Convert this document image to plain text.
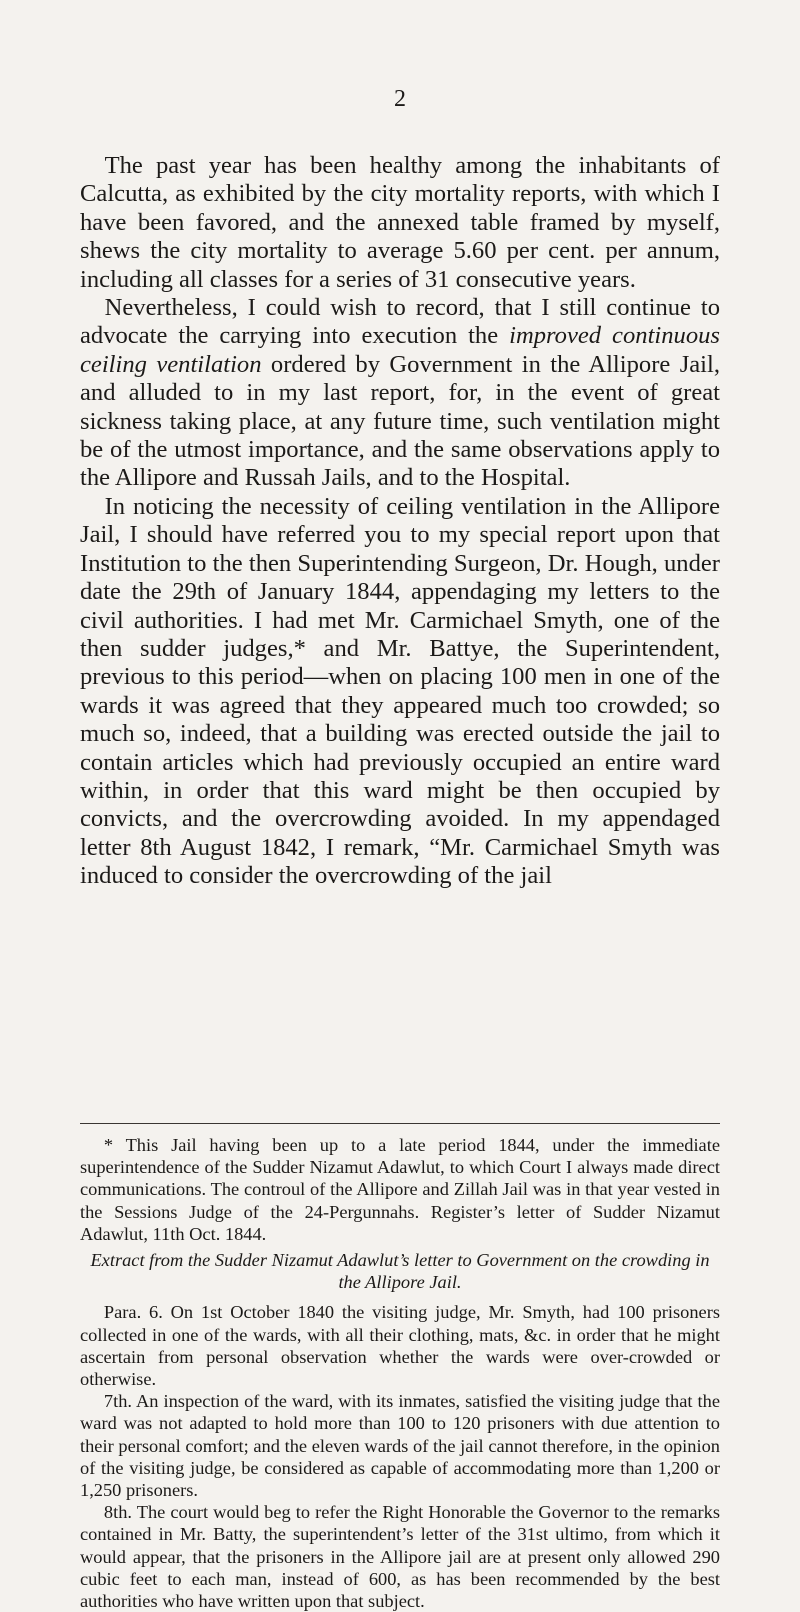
2

The past year has been healthy among the inhabitants of Calcutta, as exhibited by the city mortality reports, with which I have been favored, and the annexed table framed by myself, shews the city mortality to average 5.60 per cent. per annum, including all classes for a series of 31 consecutive years.

Nevertheless, I could wish to record, that I still continue to advocate the carrying into execution the improved continuous ceiling ventilation ordered by Government in the Allipore Jail, and alluded to in my last report, for, in the event of great sickness taking place, at any future time, such ventilation might be of the utmost importance, and the same observations apply to the Allipore and Russah Jails, and to the Hospital.

In noticing the necessity of ceiling ventilation in the Allipore Jail, I should have referred you to my special report upon that Institution to the then Superintending Surgeon, Dr. Hough, under date the 29th of January 1844, appendaging my letters to the civil authorities. I had met Mr. Carmichael Smyth, one of the then sudder judges,* and Mr. Battye, the Superintendent, previous to this period—when on placing 100 men in one of the wards it was agreed that they appeared much too crowded; so much so, indeed, that a building was erected outside the jail to contain articles which had previously occupied an entire ward within, in order that this ward might be then occupied by convicts, and the overcrowding avoided. In my appendaged letter 8th August 1842, I remark, “Mr. Carmichael Smyth was induced to consider the overcrowding of the jail

* This Jail having been up to a late period 1844, under the immediate superintendence of the Sudder Nizamut Adawlut, to which Court I always made direct communications. The controul of the Allipore and Zillah Jail was in that year vested in the Sessions Judge of the 24-Pergunnahs. Register’s letter of Sudder Nizamut Adawlut, 11th Oct. 1844.

Extract from the Sudder Nizamut Adawlut’s letter to Government on the crowding in the Allipore Jail.

Para. 6. On 1st October 1840 the visiting judge, Mr. Smyth, had 100 prisoners collected in one of the wards, with all their clothing, mats, &c. in order that he might ascertain from personal observation whether the wards were over-crowded or otherwise.

7th. An inspection of the ward, with its inmates, satisfied the visiting judge that the ward was not adapted to hold more than 100 to 120 prisoners with due attention to their personal comfort; and the eleven wards of the jail cannot therefore, in the opinion of the visiting judge, be considered as capable of accommodating more than 1,200 or 1,250 prisoners.

8th. The court would beg to refer the Right Honorable the Governor to the remarks contained in Mr. Batty, the superintendent’s letter of the 31st ultimo, from which it would appear, that the prisoners in the Allipore jail are at present only allowed 290 cubic feet to each man, instead of 600, as has been recommended by the best authorities who have written upon that subject.
